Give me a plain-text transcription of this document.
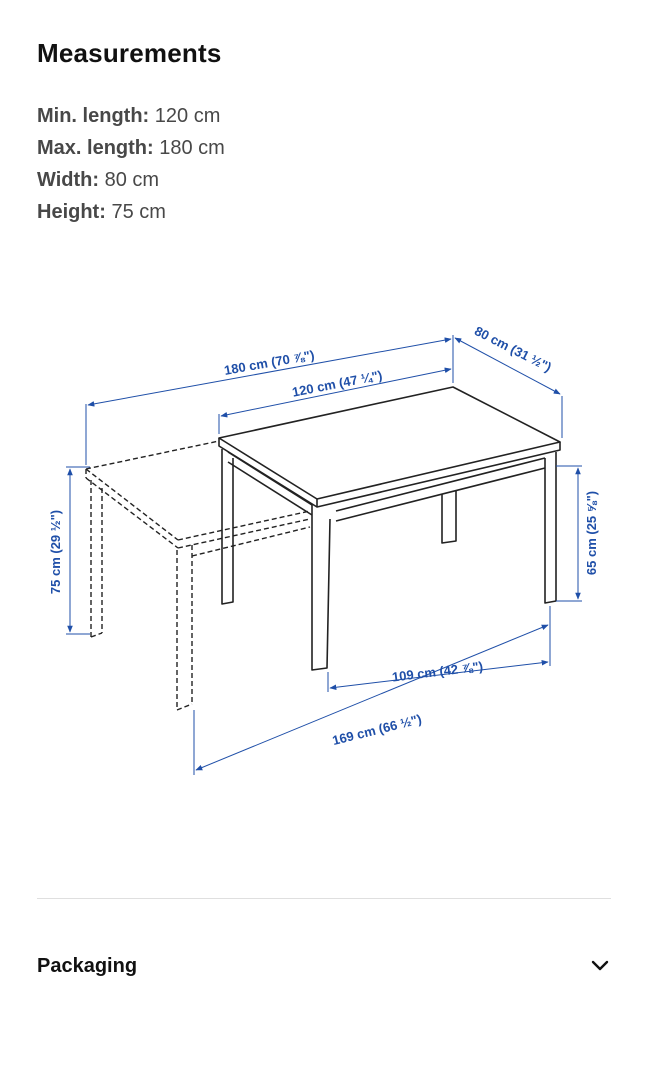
Measurements
Min. length: 120 cm
Max. length: 180 cm
Width: 80 cm
Height: 75 cm
180 cm (70 ⅞")
120 cm (47 ¼")
80 cm (31 ½")
75 cm (29 ½")	65 cm (25 ⅝")
109 cm (42 ⅞")
169 cm (66 ½")
Packaging
